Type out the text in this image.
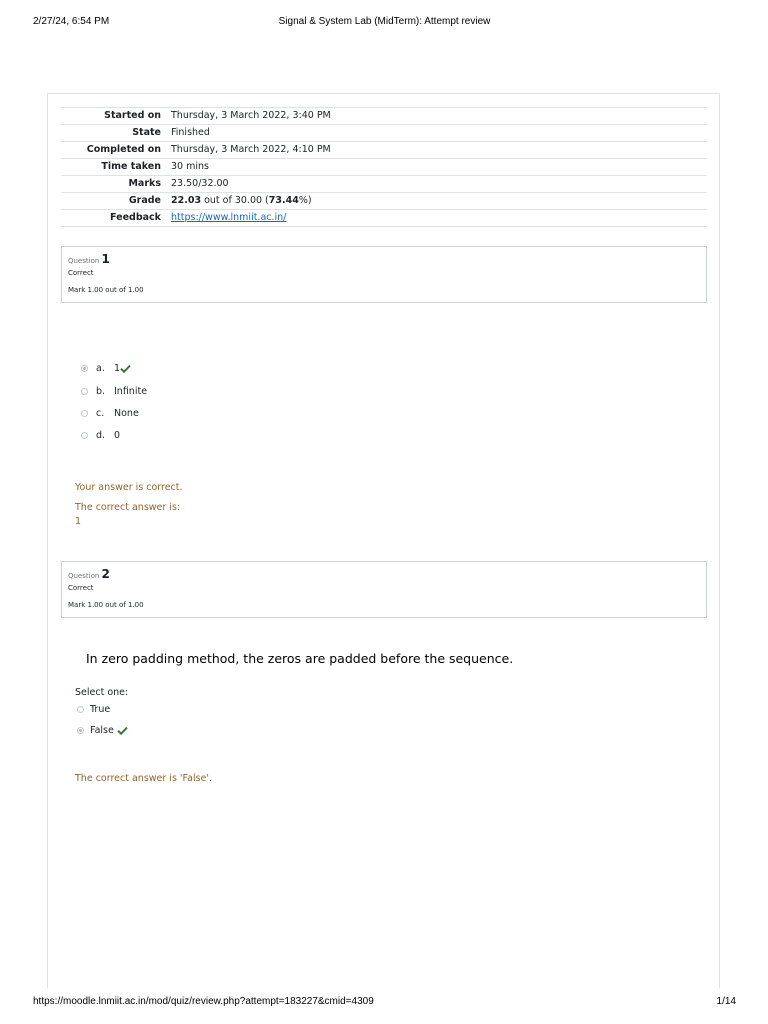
2/27/24, 6:54 PM	Signal & System Lab (MidTerm): Attempt review
Started on	Thursday, 3 March 2022, 3:40 PM
State	Finished
Completed on	Thursday, 3 March 2022, 4:10 PM
Time taken	30 mins
Marks	23.50/32.00
Grade	22.03 out of 30.00 (73.44%)
Feedback	https://www.lnmiit.ac.in/
Question 1
Correct
Mark 1.00 out of 1.00
a. 1
b. Infinite
c. None
d. 0
Your answer is correct.
The correct answer is:
1
Question 2
Correct
Mark 1.00 out of 1.00
In zero padding method, the zeros are padded before the sequence.
Select one:
True
False
The correct answer is 'False'.
https://moodle.lnmiit.ac.in/mod/quiz/review.php?attempt=183227&cmid=4309	1/14
